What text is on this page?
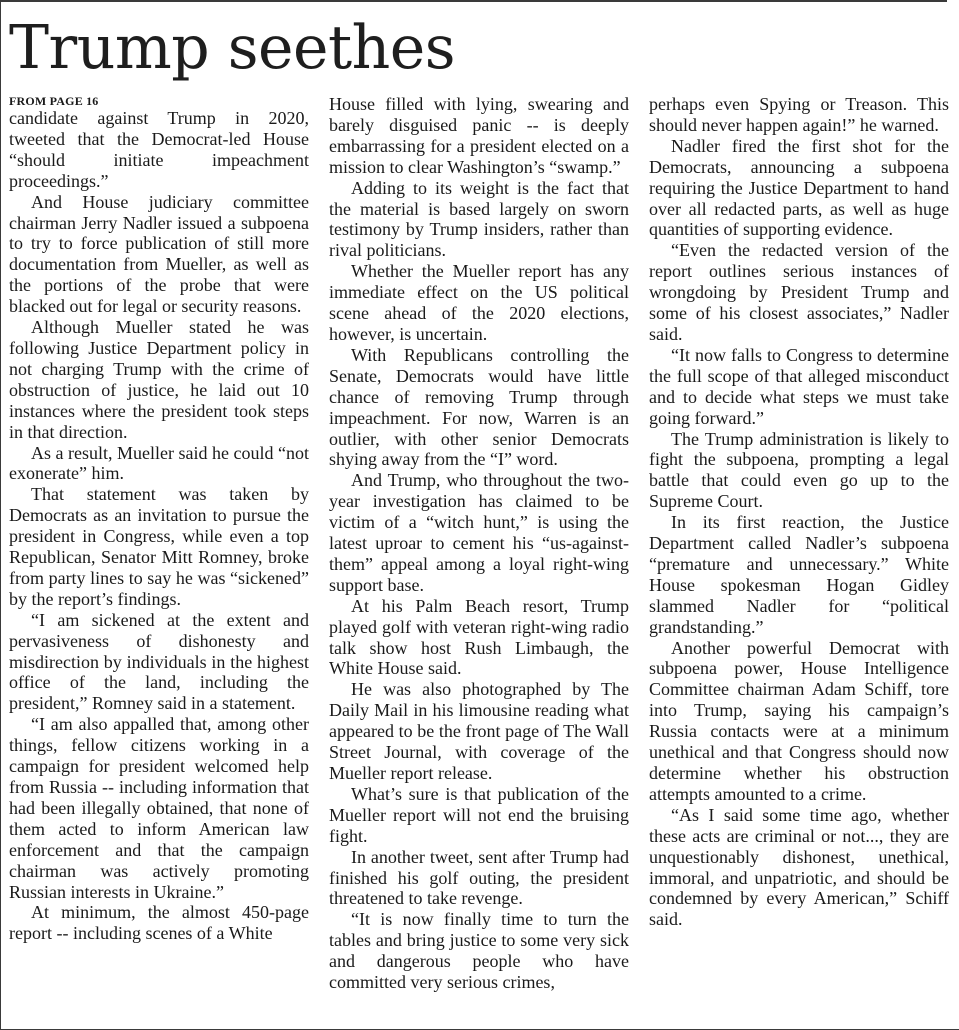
Trump seethes
FROM PAGE 16

candidate against Trump in 2020, tweeted that the Democrat-led House “should initiate impeachment proceedings.”

And House judiciary committee chairman Jerry Nadler issued a subpoena to try to force publication of still more documentation from Mueller, as well as the portions of the probe that were blacked out for legal or security reasons.

Although Mueller stated he was following Justice Department policy in not charging Trump with the crime of obstruction of justice, he laid out 10 instances where the president took steps in that direction.

As a result, Mueller said he could “not exonerate” him.

That statement was taken by Democrats as an invitation to pursue the president in Congress, while even a top Republican, Senator Mitt Romney, broke from party lines to say he was “sickened” by the report’s findings.

“I am sickened at the extent and pervasiveness of dishonesty and misdirection by individuals in the highest office of the land, including the president,” Romney said in a statement.

“I am also appalled that, among other things, fellow citizens working in a campaign for president welcomed help from Russia -- including information that had been illegally obtained, that none of them acted to inform American law enforcement and that the campaign chairman was actively promoting Russian interests in Ukraine.”

At minimum, the almost 450-page report -- including scenes of a White

House filled with lying, swearing and barely disguised panic -- is deeply embarrassing for a president elected on a mission to clear Washington’s “swamp.”

Adding to its weight is the fact that the material is based largely on sworn testimony by Trump insiders, rather than rival politicians.

Whether the Mueller report has any immediate effect on the US political scene ahead of the 2020 elections, however, is uncertain.

With Republicans controlling the Senate, Democrats would have little chance of removing Trump through impeachment. For now, Warren is an outlier, with other senior Democrats shying away from the “I” word.

And Trump, who throughout the two-year investigation has claimed to be victim of a “witch hunt,” is using the latest uproar to cement his “us-against-them” appeal among a loyal right-wing support base.

At his Palm Beach resort, Trump played golf with veteran right-wing radio talk show host Rush Limbaugh, the White House said.

He was also photographed by The Daily Mail in his limousine reading what appeared to be the front page of The Wall Street Journal, with coverage of the Mueller report release.

What’s sure is that publication of the Mueller report will not end the bruising fight.

In another tweet, sent after Trump had finished his golf outing, the president threatened to take revenge.

“It is now finally time to turn the tables and bring justice to some very sick and dangerous people who have committed very serious crimes,

perhaps even Spying or Treason. This should never happen again!” he warned.

Nadler fired the first shot for the Democrats, announcing a subpoena requiring the Justice Department to hand over all redacted parts, as well as huge quantities of supporting evidence.

“Even the redacted version of the report outlines serious instances of wrongdoing by President Trump and some of his closest associates,” Nadler said.

“It now falls to Congress to determine the full scope of that alleged misconduct and to decide what steps we must take going forward.”

The Trump administration is likely to fight the subpoena, prompting a legal battle that could even go up to the Supreme Court.

In its first reaction, the Justice Department called Nadler’s subpoena “premature and unnecessary.” White House spokesman Hogan Gidley slammed Nadler for “political grandstanding.”

Another powerful Democrat with subpoena power, House Intelligence Committee chairman Adam Schiff, tore into Trump, saying his campaign’s Russia contacts were at a minimum unethical and that Congress should now determine whether his obstruction attempts amounted to a crime.

“As I said some time ago, whether these acts are criminal or not..., they are unquestionably dishonest, unethical, immoral, and unpatriotic, and should be condemned by every American,” Schiff said.
